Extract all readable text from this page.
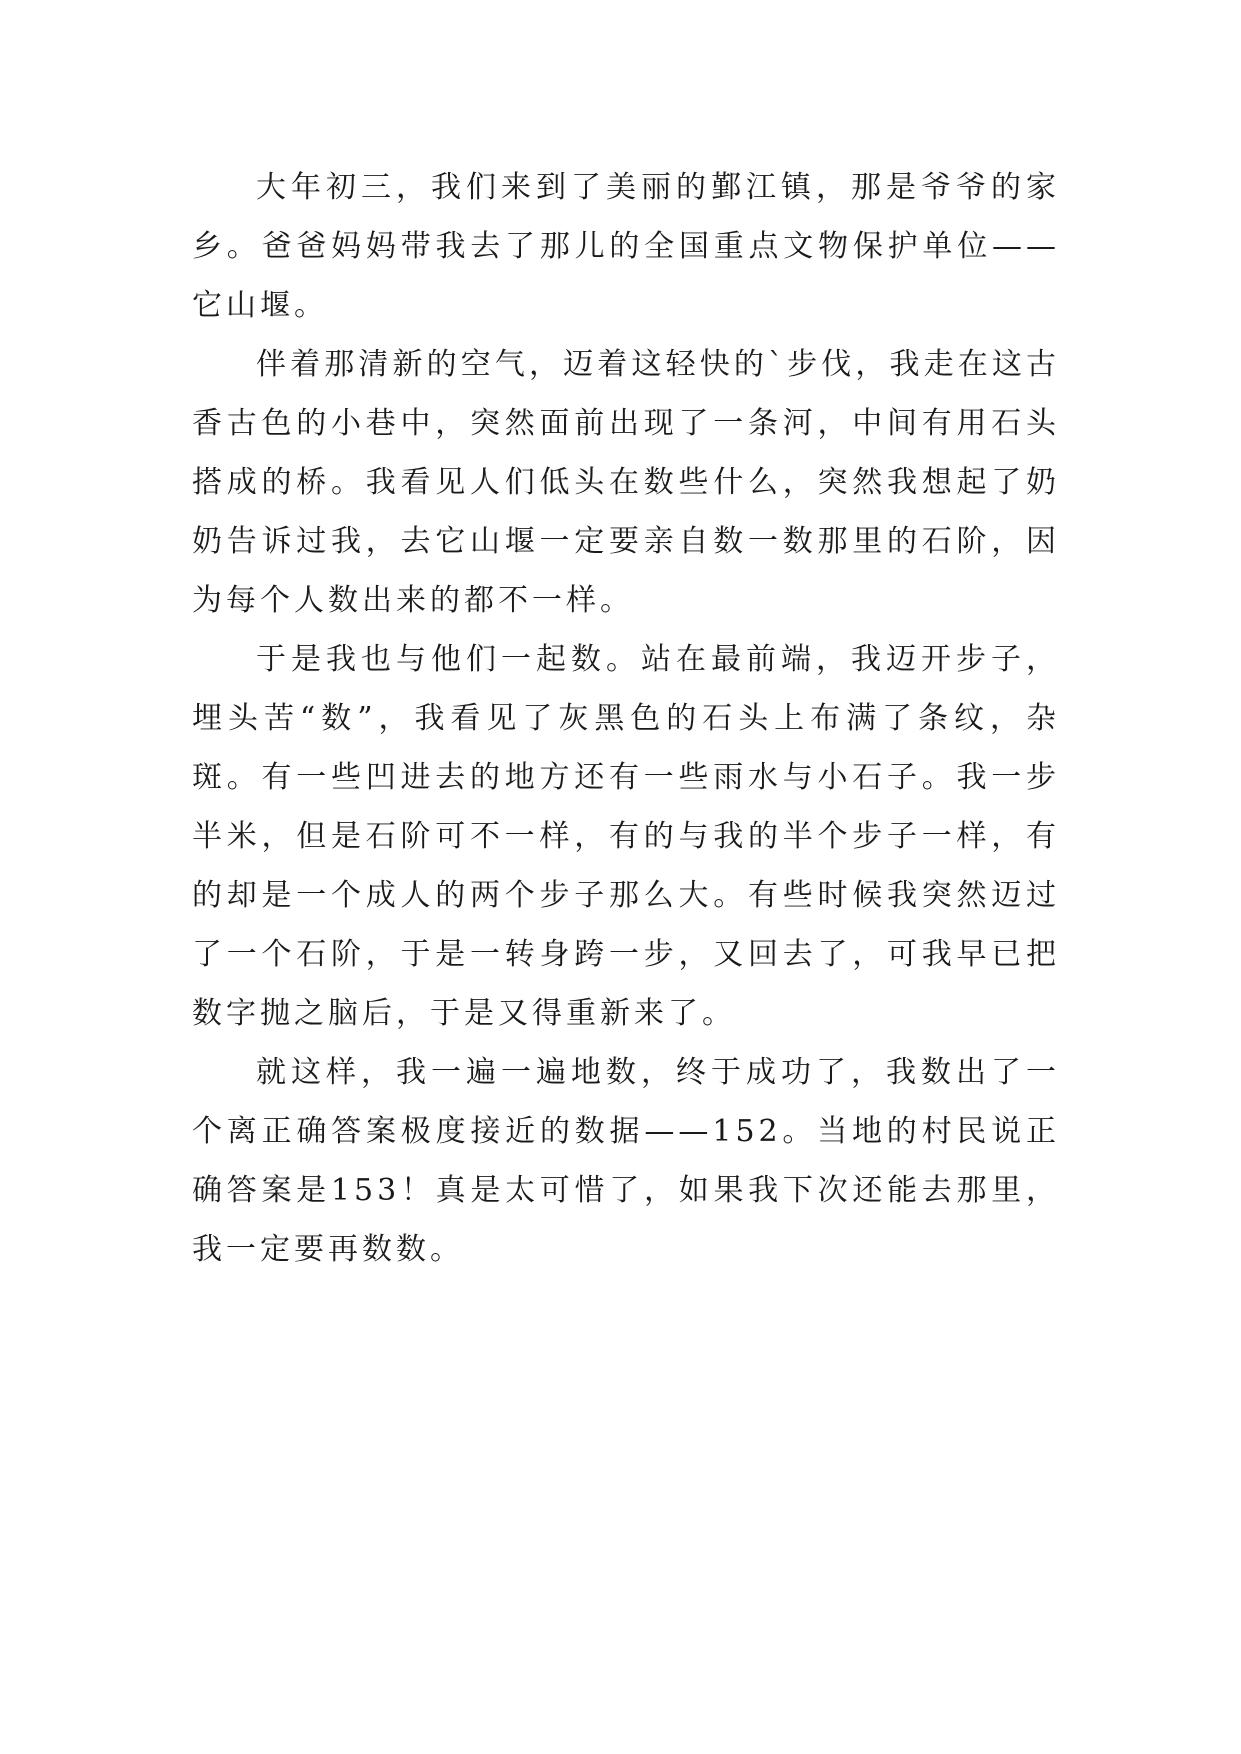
大年初三，我们来到了美丽的鄞江镇，那是爷爷的家乡。爸爸妈妈带我去了那儿的全国重点文物保护单位——它山堰。

伴着那清新的空气，迈着这轻快的`步伐，我走在这古香古色的小巷中，突然面前出现了一条河，中间有用石头搭成的桥。我看见人们低头在数些什么，突然我想起了奶奶告诉过我，去它山堰一定要亲自数一数那里的石阶，因为每个人数出来的都不一样。

于是我也与他们一起数。站在最前端，我迈开步子，埋头苦“数”，我看见了灰黑色的石头上布满了条纹，杂斑。有一些凹进去的地方还有一些雨水与小石子。我一步半米，但是石阶可不一样，有的与我的半个步子一样，有的却是一个成人的两个步子那么大。有些时候我突然迈过了一个石阶，于是一转身跨一步，又回去了，可我早已把数字抛之脑后，于是又得重新来了。

就这样，我一遍一遍地数，终于成功了，我数出了一个离正确答案极度接近的数据——152。当地的村民说正确答案是153！真是太可惜了，如果我下次还能去那里，我一定要再数数。
